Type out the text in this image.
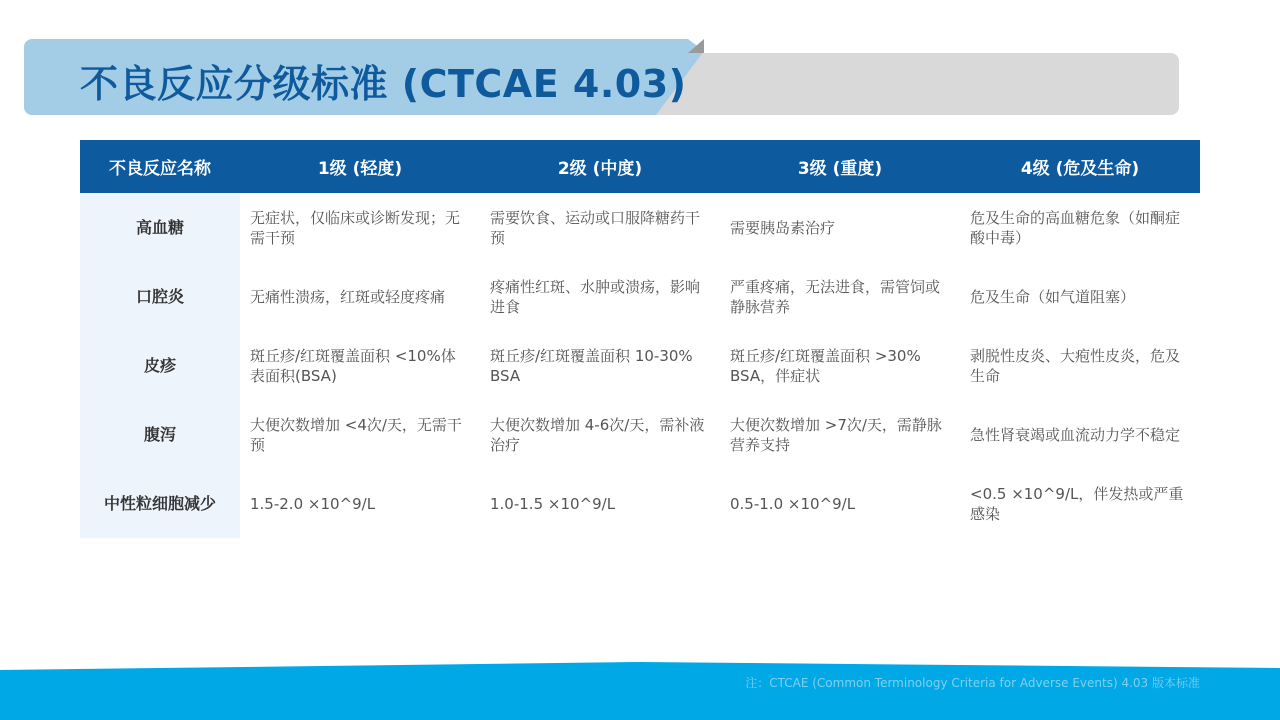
不良反应分级标准 (CTCAE 4.03)
不良反应名称	1级 (轻度)	2级 (中度)	3级 (重度)	4级 (危及生命)
高血糖	无症状，仅临床或诊断发现；无需干预	需要饮食、运动或口服降糖药干预	需要胰岛素治疗	危及生命的高血糖危象（如酮症酸中毒）
口腔炎	无痛性溃疡，红斑或轻度疼痛	疼痛性红斑、水肿或溃疡，影响进食	严重疼痛，无法进食，需管饲或静脉营养	危及生命（如气道阻塞）
皮疹	斑丘疹/红斑覆盖面积 <10%体表面积(BSA)	斑丘疹/红斑覆盖面积 10-30% BSA	斑丘疹/红斑覆盖面积 >30% BSA，伴症状	剥脱性皮炎、大疱性皮炎，危及生命
腹泻	大便次数增加 <4次/天，无需干预	大便次数增加 4-6次/天，需补液治疗	大便次数增加 >7次/天，需静脉营养支持	急性肾衰竭或血流动力学不稳定
中性粒细胞减少	1.5-2.0 ×10^9/L	1.0-1.5 ×10^9/L	0.5-1.0 ×10^9/L	<0.5 ×10^9/L，伴发热或严重感染
注：CTCAE (Common Terminology Criteria for Adverse Events) 4.03 版本标准
